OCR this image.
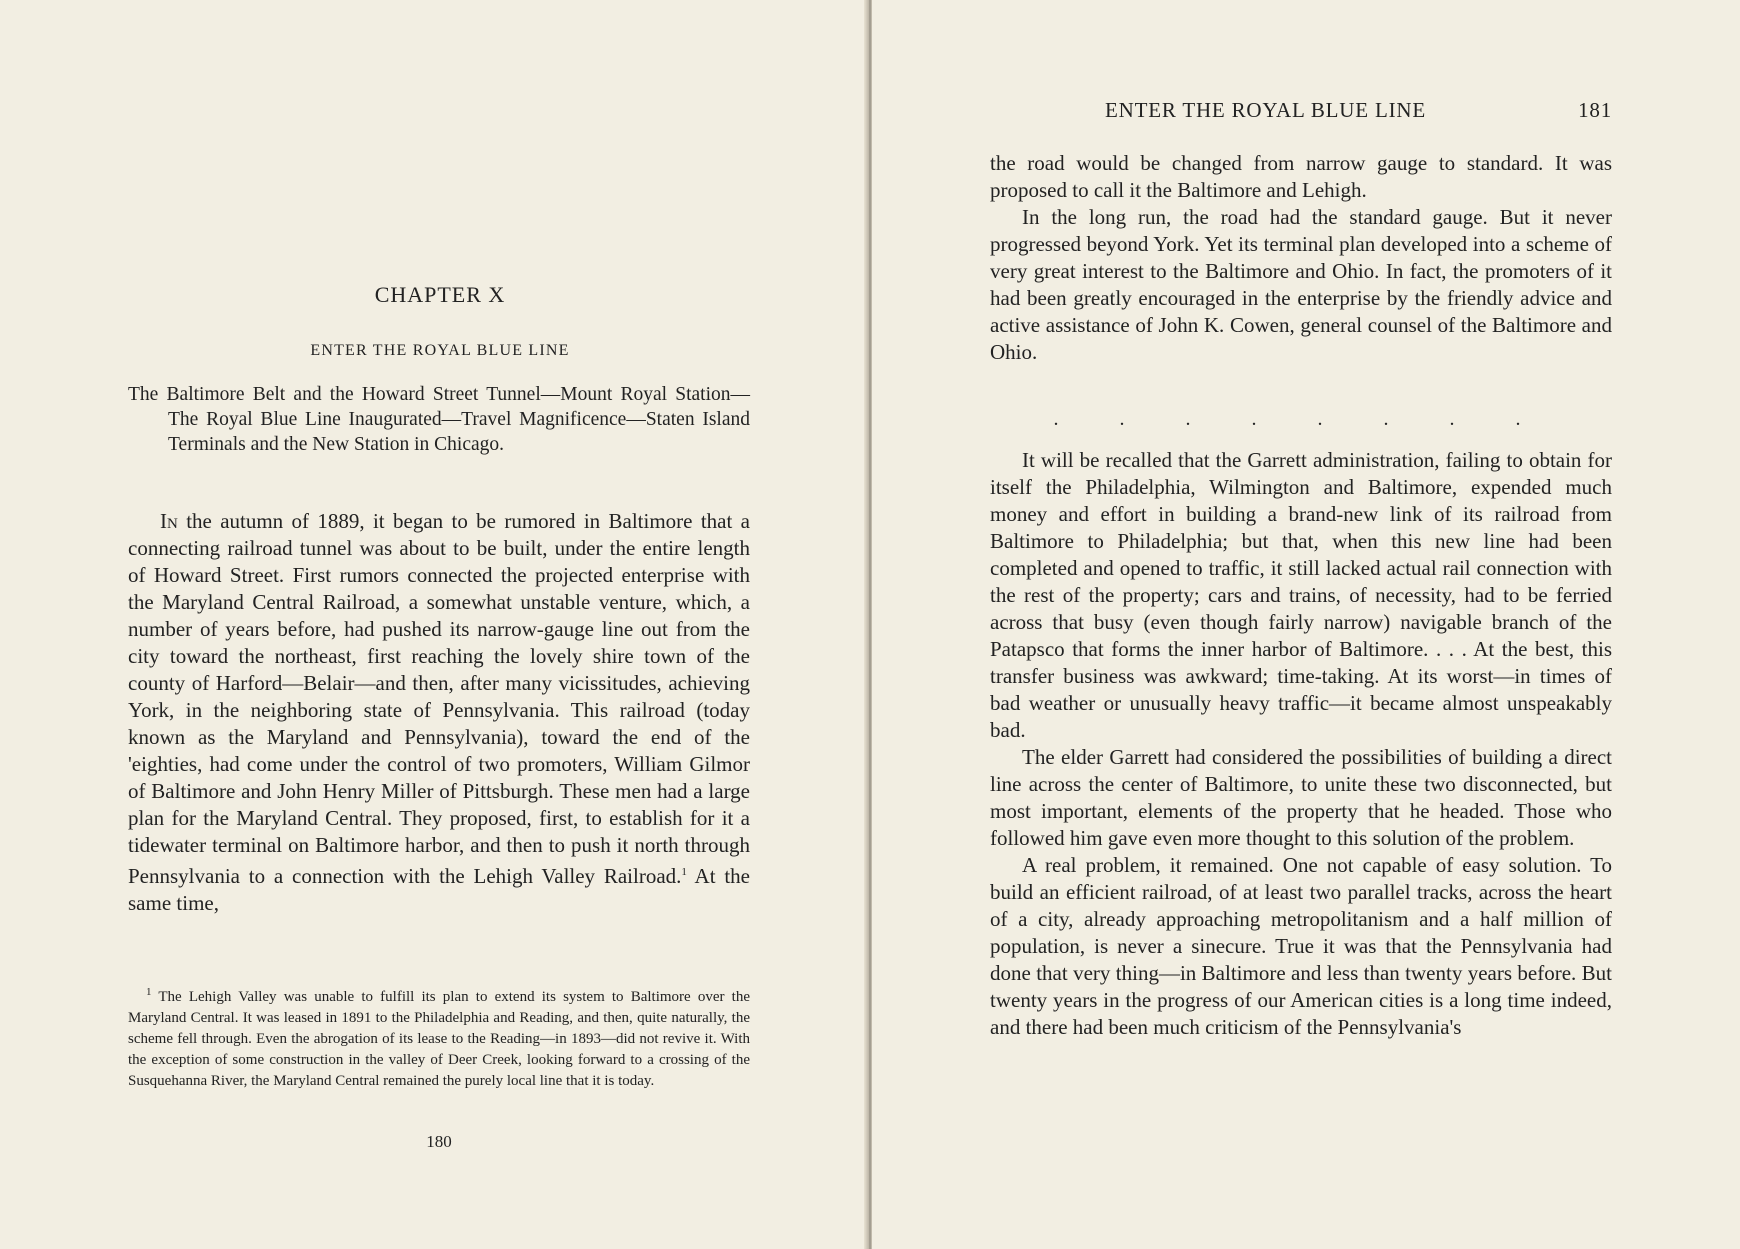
CHAPTER X
ENTER THE ROYAL BLUE LINE
The Baltimore Belt and the Howard Street Tunnel—Mount Royal Station—The Royal Blue Line Inaugurated—Travel Magnificence—Staten Island Terminals and the New Station in Chicago.

In the autumn of 1889, it began to be rumored in Baltimore that a connecting railroad tunnel was about to be built, under the entire length of Howard Street. First rumors connected the projected enterprise with the Maryland Central Railroad, a somewhat unstable venture, which, a number of years before, had pushed its narrow-gauge line out from the city toward the northeast, first reaching the lovely shire town of the county of Harford—Belair—and then, after many vicissitudes, achieving York, in the neighboring state of Pennsylvania. This railroad (today known as the Maryland and Pennsylvania), toward the end of the 'eighties, had come under the control of two promoters, William Gilmor of Baltimore and John Henry Miller of Pittsburgh. These men had a large plan for the Maryland Central. They proposed, first, to establish for it a tidewater terminal on Baltimore harbor, and then to push it north through Pennsylvania to a connection with the Lehigh Valley Railroad.$^1$ At the same time,

$^1$ The Lehigh Valley was unable to fulfill its plan to extend its system to Baltimore over the Maryland Central. It was leased in 1891 to the Philadelphia and Reading, and then, quite naturally, the scheme fell through. Even the abrogation of its lease to the Reading—in 1893—did not revive it. With the exception of some construction in the valley of Deer Creek, looking forward to a crossing of the Susquehanna River, the Maryland Central remained the purely local line that it is today.

180
ENTER THE ROYAL BLUE LINE	181

the road would be changed from narrow gauge to standard. It was proposed to call it the Baltimore and Lehigh.

In the long run, the road had the standard gauge. But it never progressed beyond York. Yet its terminal plan developed into a scheme of very great interest to the Baltimore and Ohio. In fact, the promoters of it had been greatly encouraged in the enterprise by the friendly advice and active assistance of John K. Cowen, general counsel of the Baltimore and Ohio.

. . . . . . . .

It will be recalled that the Garrett administration, failing to obtain for itself the Philadelphia, Wilmington and Baltimore, expended much money and effort in building a brand-new link of its railroad from Baltimore to Philadelphia; but that, when this new line had been completed and opened to traffic, it still lacked actual rail connection with the rest of the property; cars and trains, of necessity, had to be ferried across that busy (even though fairly narrow) navigable branch of the Patapsco that forms the inner harbor of Baltimore. . . . At the best, this transfer business was awkward; time-taking. At its worst—in times of bad weather or unusually heavy traffic—it became almost unspeakably bad.

The elder Garrett had considered the possibilities of building a direct line across the center of Baltimore, to unite these two disconnected, but most important, elements of the property that he headed. Those who followed him gave even more thought to this solution of the problem.

A real problem, it remained. One not capable of easy solution. To build an efficient railroad, of at least two parallel tracks, across the heart of a city, already approaching metropolitanism and a half million of population, is never a sinecure. True it was that the Pennsylvania had done that very thing—in Baltimore and less than twenty years before. But twenty years in the progress of our American cities is a long time indeed, and there had been much criticism of the Pennsylvania's
